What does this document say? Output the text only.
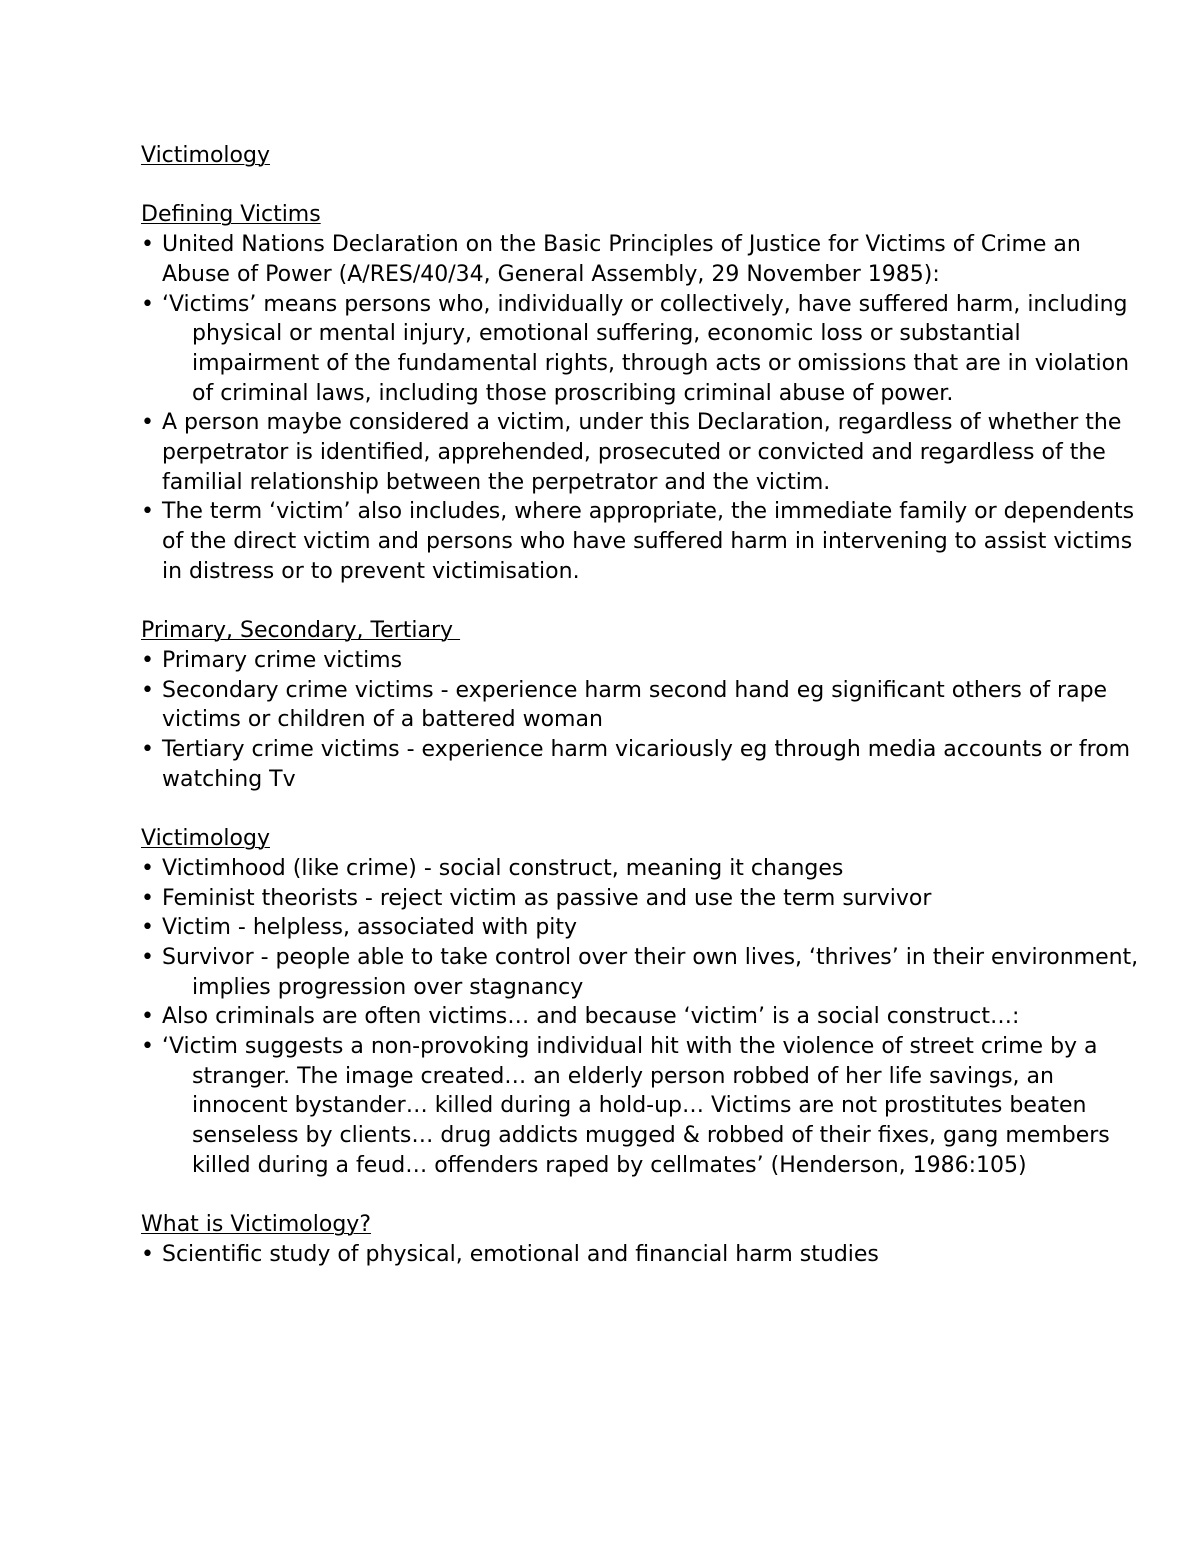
Victimology
Defining Victims
• United Nations Declaration on the Basic Principles of Justice for Victims of Crime an Abuse of Power (A/RES/40/34, General Assembly, 29 November 1985):
• ‘Victims’ means persons who, individually or collectively, have suffered harm, including physical or mental injury, emotional suffering, economic loss or substantial impairment of the fundamental rights, through acts or omissions that are in violation of criminal laws, including those proscribing criminal abuse of power.
• A person maybe considered a victim, under this Declaration, regardless of whether the perpetrator is identified, apprehended, prosecuted or convicted and regardless of the familial relationship between the perpetrator and the victim.
• The term ‘victim’ also includes, where appropriate, the immediate family or dependents of the direct victim and persons who have suffered harm in intervening to assist victims in distress or to prevent victimisation.
Primary, Secondary, Tertiary
• Primary crime victims
• Secondary crime victims - experience harm second hand eg significant others of rape victims or children of a battered woman
• Tertiary crime victims - experience harm vicariously eg through media accounts or from watching Tv
Victimology
• Victimhood (like crime) - social construct, meaning it changes
• Feminist theorists - reject victim as passive and use the term survivor
• Victim - helpless, associated with pity
• Survivor - people able to take control over their own lives, ‘thrives’ in their environment, implies progression over stagnancy
• Also criminals are often victims… and because ‘victim’ is a social construct…:
• ‘Victim suggests a non-provoking individual hit with the violence of street crime by a stranger. The image created… an elderly person robbed of her life savings, an innocent bystander… killed during a hold-up… Victims are not prostitutes beaten senseless by clients… drug addicts mugged & robbed of their fixes, gang members killed during a feud… offenders raped by cellmates’ (Henderson, 1986:105)
What is Victimology?
• Scientific study of physical, emotional and financial harm studies
